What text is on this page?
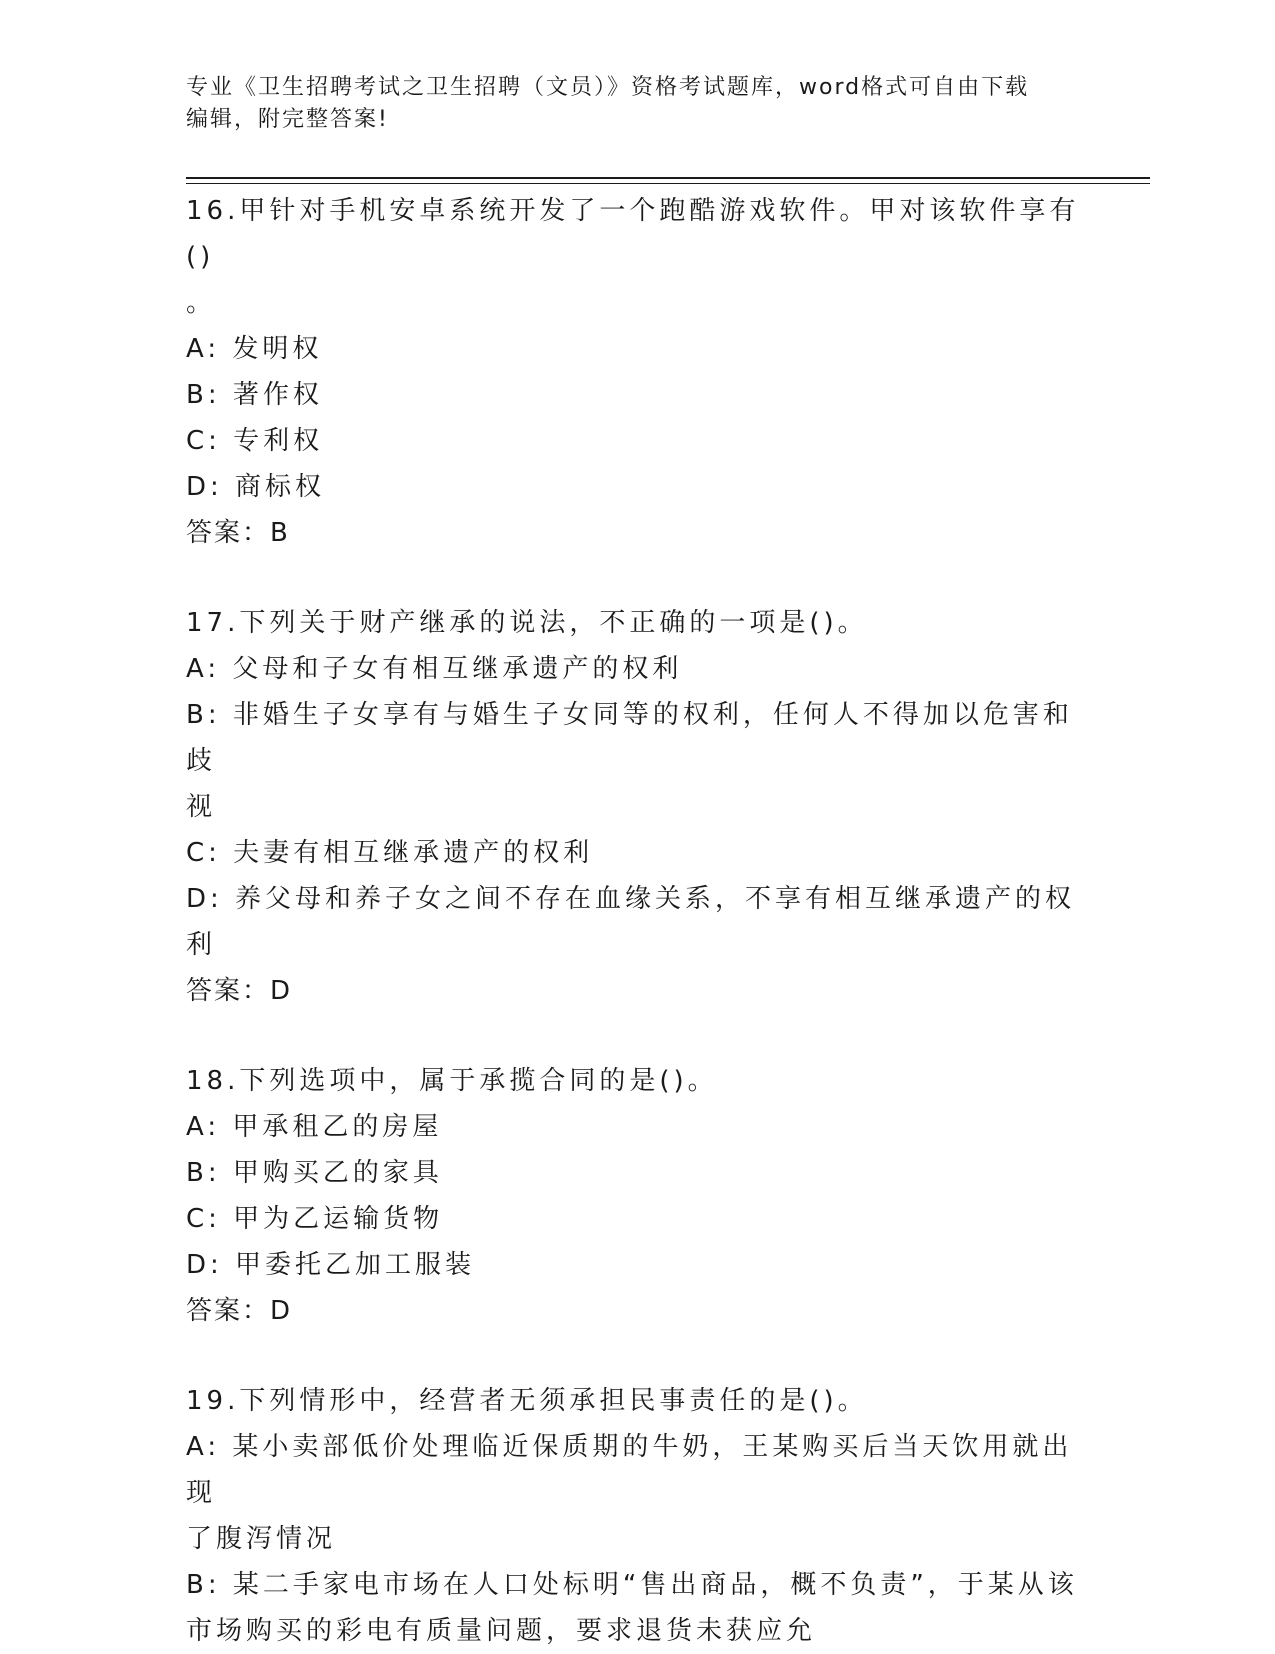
专业《卫生招聘考试之卫生招聘（文员）》资格考试题库，word格式可自由下载
编辑，附完整答案!
16.甲针对手机安卓系统开发了一个跑酷游戏软件。甲对该软件享有()
。
A: 发明权
B: 著作权
C: 专利权
D: 商标权
答案：B
17.下列关于财产继承的说法，不正确的一项是()。
A: 父母和子女有相互继承遗产的权利
B: 非婚生子女享有与婚生子女同等的权利，任何人不得加以危害和歧
视
C: 夫妻有相互继承遗产的权利
D: 养父母和养子女之间不存在血缘关系，不享有相互继承遗产的权利
答案：D
18.下列选项中，属于承揽合同的是()。
A: 甲承租乙的房屋
B: 甲购买乙的家具
C: 甲为乙运输货物
D: 甲委托乙加工服装
答案：D
19.下列情形中，经营者无须承担民事责任的是()。
A: 某小卖部低价处理临近保质期的牛奶，王某购买后当天饮用就出现
了腹泻情况
B: 某二手家电市场在人口处标明“售出商品，概不负责”，于某从该
市场购买的彩电有质量问题，要求退货未获应允
